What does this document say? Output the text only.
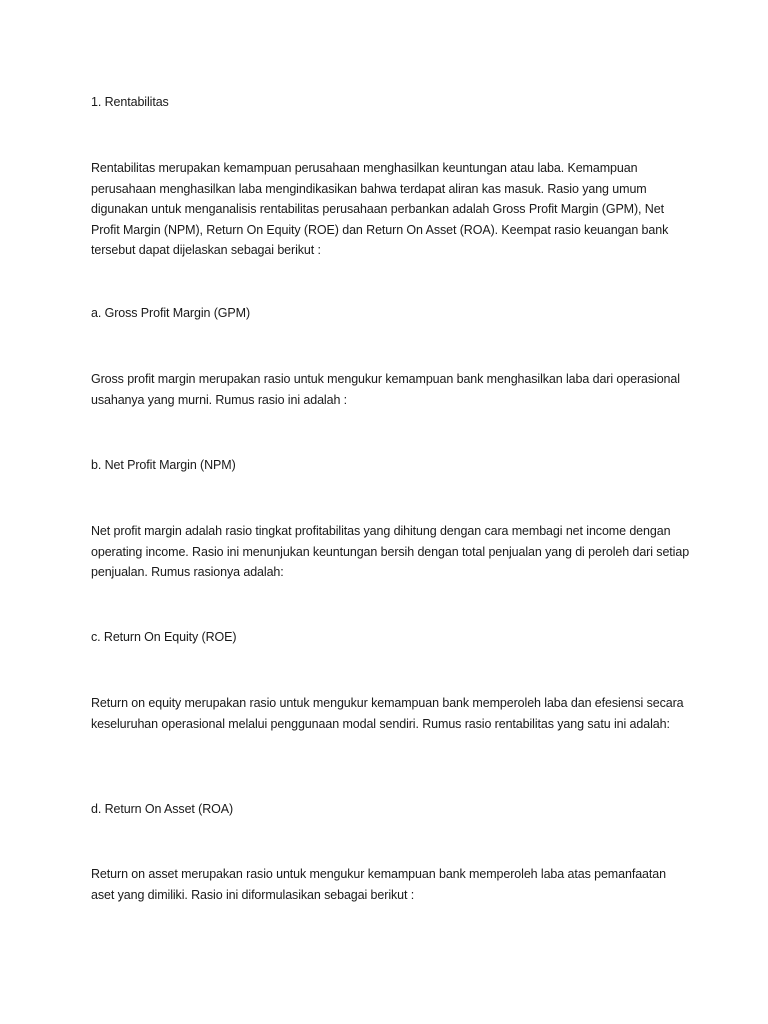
1. Rentabilitas

Rentabilitas merupakan kemampuan perusahaan menghasilkan keuntungan atau laba. Kemampuan perusahaan menghasilkan laba mengindikasikan bahwa terdapat aliran kas masuk. Rasio yang umum digunakan untuk menganalisis rentabilitas perusahaan perbankan adalah Gross Profit Margin (GPM), Net Profit Margin (NPM), Return On Equity (ROE) dan Return On Asset (ROA). Keempat rasio keuangan bank tersebut dapat dijelaskan sebagai berikut :

a. Gross Profit Margin (GPM)

Gross profit margin merupakan rasio untuk mengukur kemampuan bank menghasilkan laba dari operasional usahanya yang murni. Rumus rasio ini adalah :

b. Net Profit Margin (NPM)

Net profit margin adalah rasio tingkat profitabilitas yang dihitung dengan cara membagi net income dengan operating income. Rasio ini menunjukan keuntungan bersih dengan total penjualan yang di peroleh dari setiap penjualan. Rumus rasionya adalah:

c. Return On Equity (ROE)

Return on equity merupakan rasio untuk mengukur kemampuan bank memperoleh laba dan efesiensi secara keseluruhan operasional melalui penggunaan modal sendiri. Rumus rasio rentabilitas yang satu ini adalah:

d. Return On Asset (ROA)

Return on asset merupakan rasio untuk mengukur kemampuan bank memperoleh laba atas pemanfaatan aset yang dimiliki. Rasio ini diformulasikan sebagai berikut :
